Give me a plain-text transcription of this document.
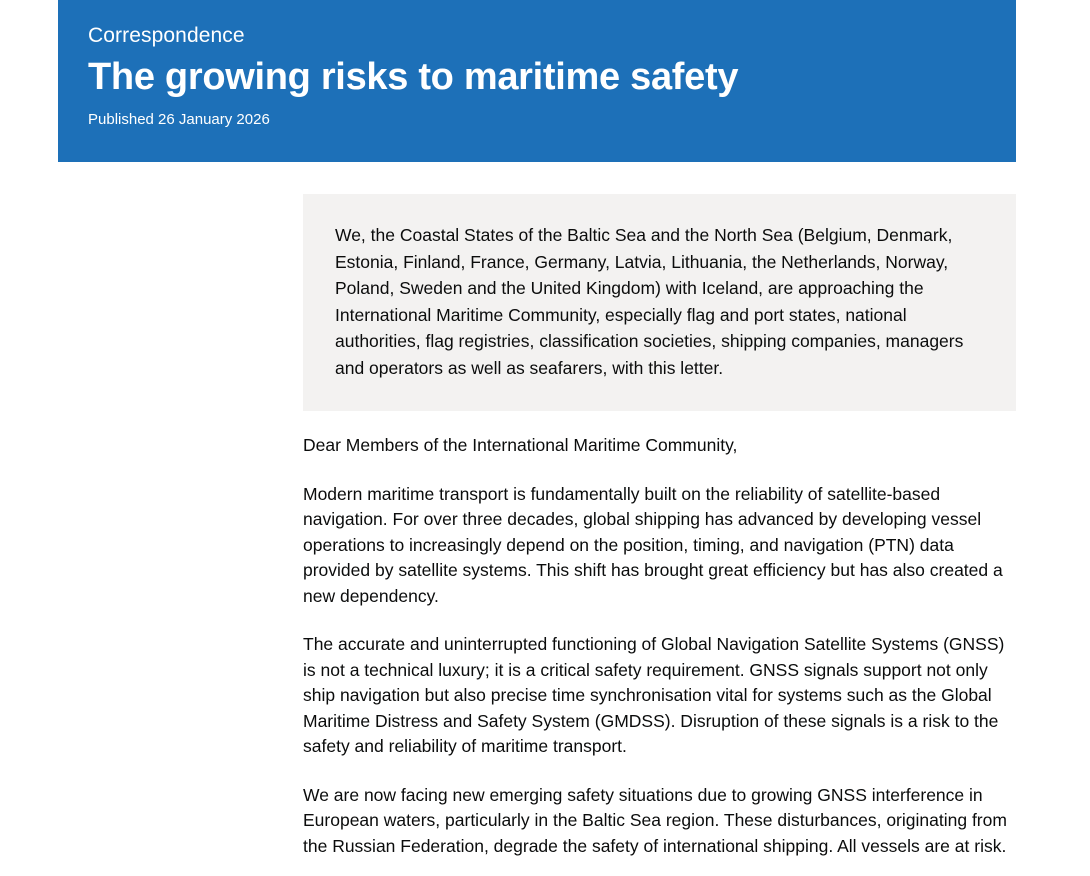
Correspondence

The growing risks to maritime safety

Published 26 January 2026

We, the Coastal States of the Baltic Sea and the North Sea (Belgium, Denmark, Estonia, Finland, France, Germany, Latvia, Lithuania, the Netherlands, Norway, Poland, Sweden and the United Kingdom) with Iceland, are approaching the International Maritime Community, especially flag and port states, national authorities, flag registries, classification societies, shipping companies, managers and operators as well as seafarers, with this letter.

Dear Members of the International Maritime Community,

Modern maritime transport is fundamentally built on the reliability of satellite-based navigation. For over three decades, global shipping has advanced by developing vessel operations to increasingly depend on the position, timing, and navigation (PTN) data provided by satellite systems. This shift has brought great efficiency but has also created a new dependency.

The accurate and uninterrupted functioning of Global Navigation Satellite Systems (GNSS) is not a technical luxury; it is a critical safety requirement. GNSS signals support not only ship navigation but also precise time synchronisation vital for systems such as the Global Maritime Distress and Safety System (GMDSS). Disruption of these signals is a risk to the safety and reliability of maritime transport.

We are now facing new emerging safety situations due to growing GNSS interference in European waters, particularly in the Baltic Sea region. These disturbances, originating from the Russian Federation, degrade the safety of international shipping. All vessels are at risk.
